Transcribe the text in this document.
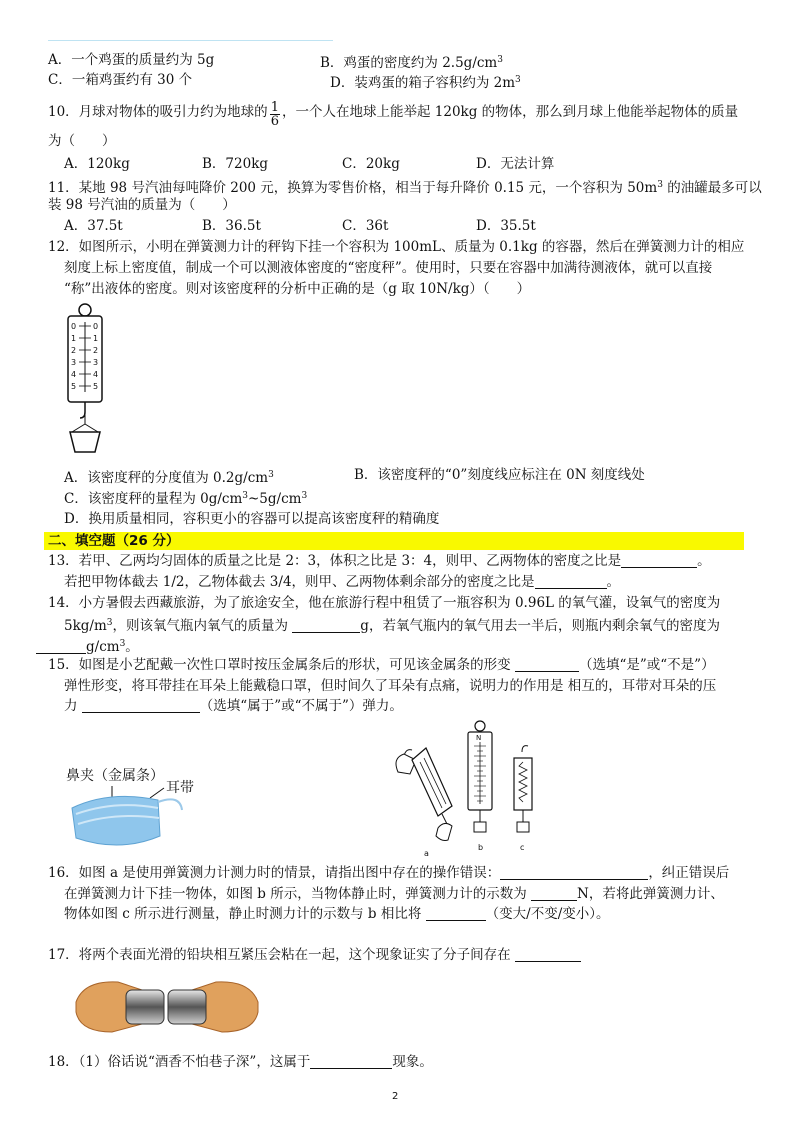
A．一个鸡蛋的质量约为 5g	B．鸡蛋的密度约为 $2.5g/cm^3$
C．一箱鸡蛋约有 30 个	D．装鸡蛋的箱子容积约为 $2m^3$
10．月球对物体的吸引力约为地球的 $\frac{1}{6}$ ，一个人在地球上能举起 120kg 的物体，那么到月球上他能举起物体的质量
为（　　）
A．120kg	B．720kg	C．20kg	D．无法计算
11．某地 98 号汽油每吨降价 200 元，换算为零售价格，相当于每升降价 0.15 元，一个容积为 $50m^3$ 的油罐最多可以
装 98 号汽油的质量为（　　）
A．37.5t	B．36.5t	C．36t	D．35.5t
12．如图所示，小明在弹簧测力计的秤钩下挂一个容积为 100mL、质量为 0.1kg 的容器，然后在弹簧测力计的相应
刻度上标上密度值，制成一个可以测液体密度的“密度秤”。使用时，只要在容器中加满待测液体，就可以直接
“称”出液体的密度。则对该密度秤的分析中正确的是（g 取 10N/kg）（　　）
0 0
1 1
2 2
3 3
4 4
5 5
A．该密度秤的分度值为 $0.2g/cm^3$	B．该密度秤的“0”刻度线应标注在 0N 刻度线处
C．该密度秤的量程为 $0g/cm^3\sim 5g/cm^3$
D．换用质量相同，容积更小的容器可以提高该密度秤的精确度
二、填空题（26 分）
13．若甲、乙两均匀固体的质量之比是 2：3，体积之比是 3：4，则甲、乙两物体的密度之比是	。
若把甲物体截去 1/2，乙物体截去 3/4，则甲、乙两物体剩余部分的密度之比是	。
14．小方暑假去西藏旅游，为了旅途安全，他在旅游行程中租赁了一瓶容积为 0.96L 的氧气灌，设氧气的密度为
$5kg/m^3$，则该氧气瓶内氧气的质量为	g，若氧气瓶内的氧气用去一半后，则瓶内剩余氧气的密度为
$g/cm^3$。
15．如图是小艺配戴一次性口罩时按压金属条后的形状，可见该金属条的形变	（选填“是”或“不是”）
弹性形变，将耳带挂在耳朵上能戴稳口罩，但时间久了耳朵有点痛，说明力的作用是 相互的，耳带对耳朵的压
力	（选填“属于”或“不属于”）弹力。
鼻夹（金属条）
耳带
a
N
b	c
16．如图 a 是使用弹簧测力计测力时的情景，请指出图中存在的操作错误：	，纠正错误后
在弹簧测力计下挂一物体，如图 b 所示，当物体静止时，弹簧测力计的示数为	N，若将此弹簧测力计、
物体如图 c 所示进行测量，静止时测力计的示数与 b 相比将	（变大/不变/变小）。
17．将两个表面光滑的铅块相互紧压会粘在一起，这个现象证实了分子间存在
18．（1）俗话说“酒香不怕巷子深”，这属于	现象。
2
